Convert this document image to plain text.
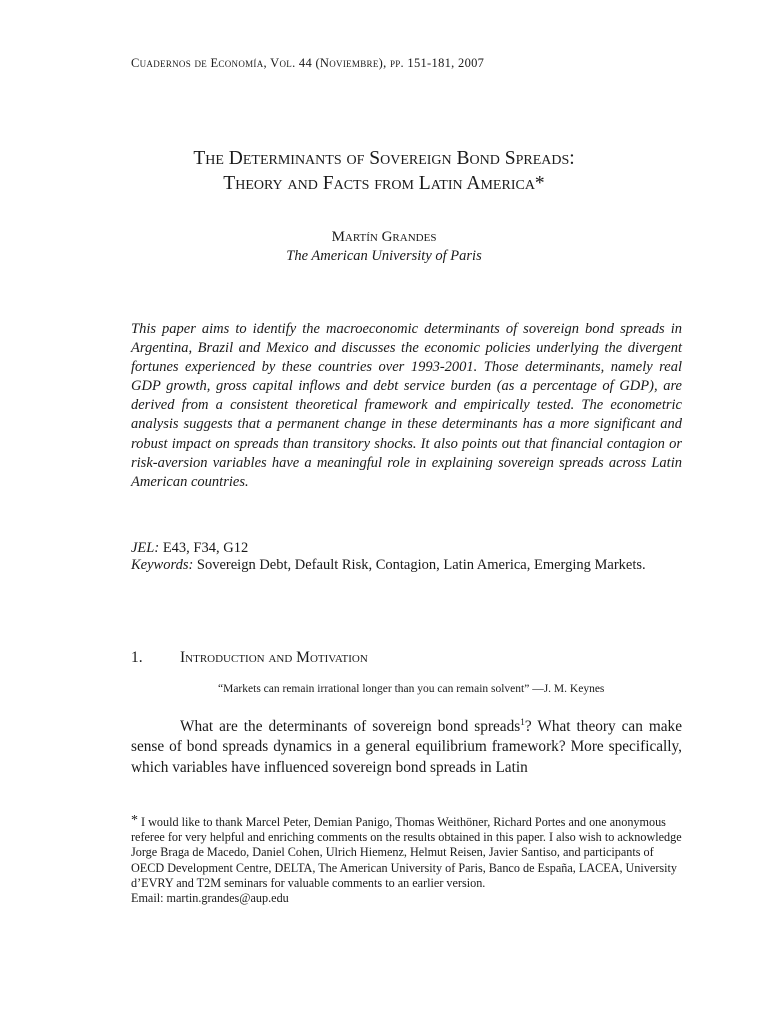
Cuadernos de Economía, Vol. 44 (Noviembre), pp. 151-181, 2007
The Determinants of Sovereign Bond Spreads:
Theory and Facts from Latin America*
Martín Grandes
The American University of Paris

This paper aims to identify the macroeconomic determinants of sovereign bond spreads in Argentina, Brazil and Mexico and discusses the economic policies underlying the divergent fortunes experienced by these countries over 1993-2001. Those determinants, namely real GDP growth, gross capital inflows and debt service burden (as a percentage of GDP), are derived from a consistent theoretical framework and empirically tested. The econometric analysis suggests that a permanent change in these determinants has a more significant and robust impact on spreads than transitory shocks. It also points out that financial contagion or risk-aversion variables have a meaningful role in explaining sovereign spreads across Latin American countries.

JEL: E43, F34, G12

Keywords: Sovereign Debt, Default Risk, Contagion, Latin America, Emerging Markets.

1. Introduction and Motivation
“Markets can remain irrational longer than you can remain solvent” —J. M. Keynes

What are the determinants of sovereign bond spreads$^1$? What theory can make sense of bond spreads dynamics in a general equilibrium framework? More specifically, which variables have influenced sovereign bond spreads in Latin

* I would like to thank Marcel Peter, Demian Panigo, Thomas Weithöner, Richard Portes and one anonymous referee for very helpful and enriching comments on the results obtained in this paper. I also wish to acknowledge Jorge Braga de Macedo, Daniel Cohen, Ulrich Hiemenz, Helmut Reisen, Javier Santiso, and participants of OECD Development Centre, DELTA, The American University of Paris, Banco de España, LACEA, University d’EVRY and T2M seminars for valuable comments to an earlier version.
Email: martin.grandes@aup.edu
